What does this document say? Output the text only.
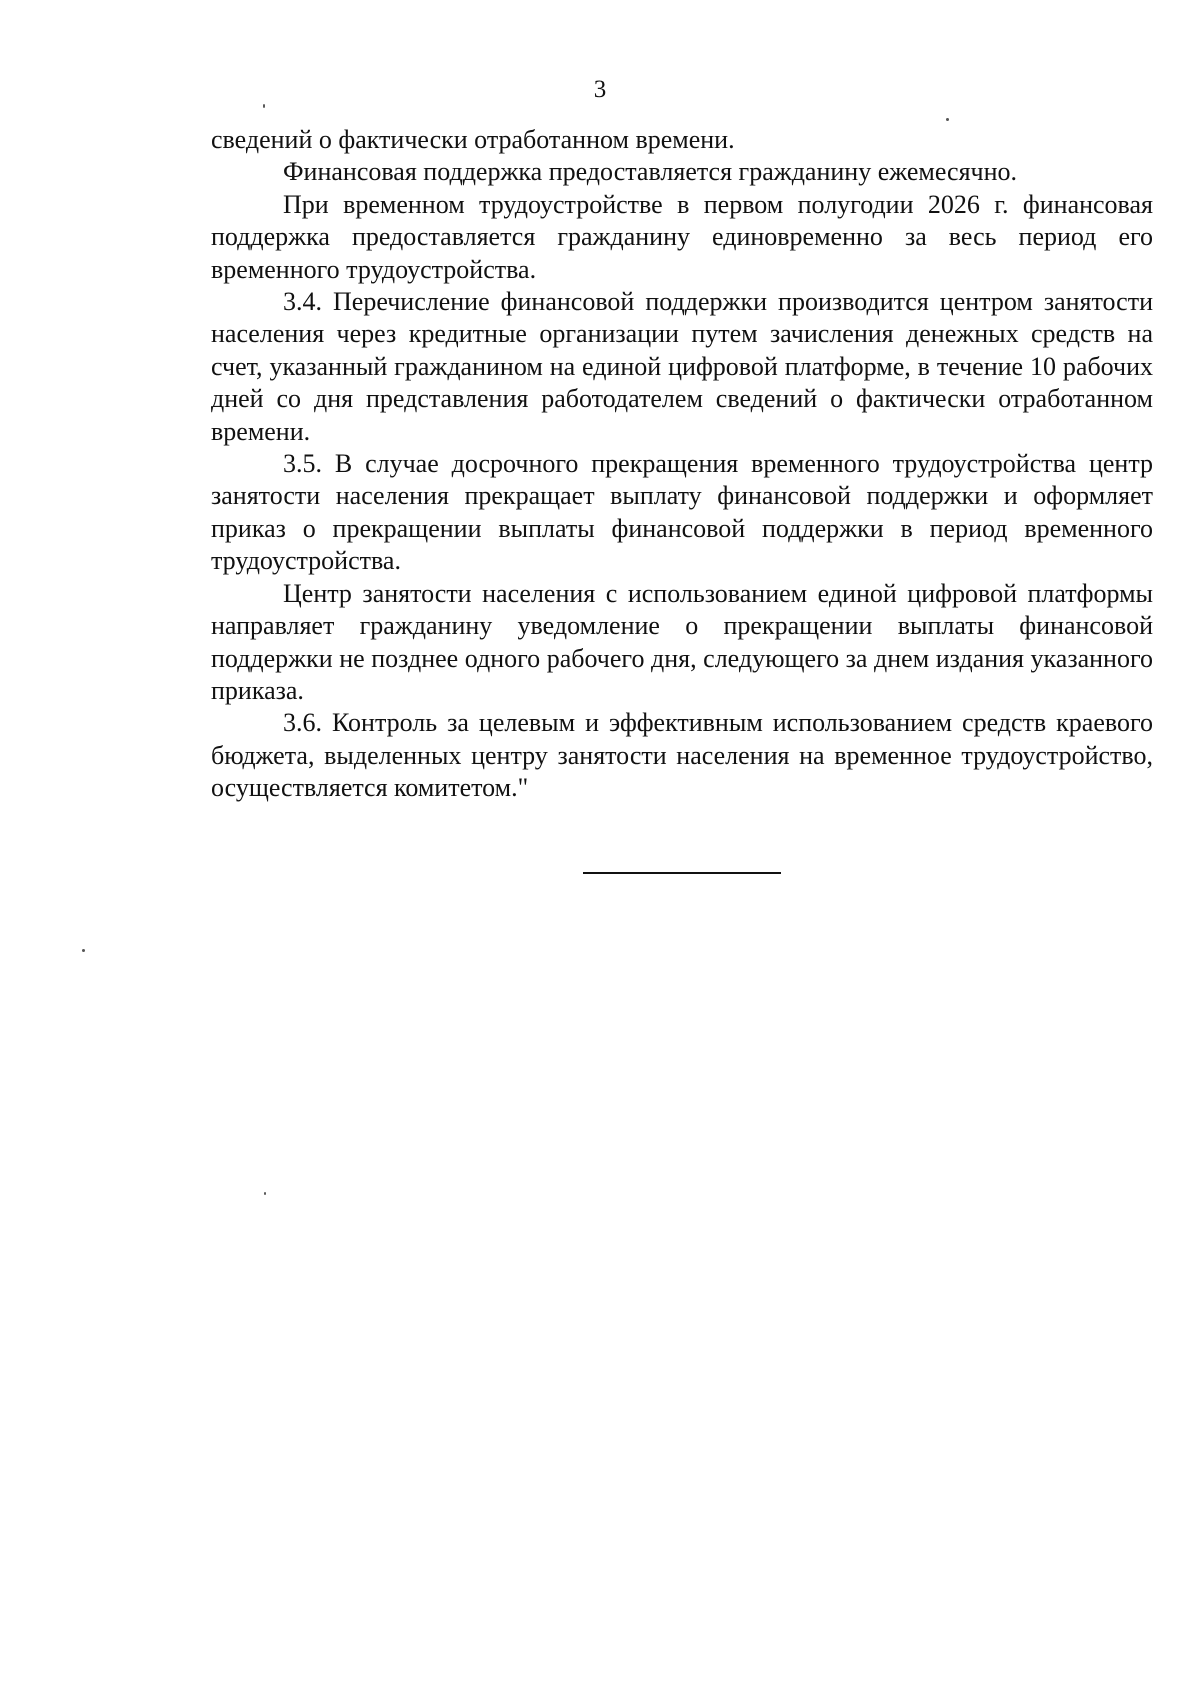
3

сведений о фактически отработанном времени.

Финансовая поддержка предоставляется гражданину ежемесячно.

При временном трудоустройстве в первом полугодии 2026 г. финансовая поддержка предоставляется гражданину единовременно за весь период его временного трудоустройства.

3.4. Перечисление финансовой поддержки производится центром занятости населения через кредитные организации путем зачисления денежных средств на счет, указанный гражданином на единой цифровой платформе, в течение 10 рабочих дней со дня представления работодателем сведений о фактически отработанном времени.

3.5. В случае досрочного прекращения временного трудоустройства центр занятости населения прекращает выплату финансовой поддержки и оформляет приказ о прекращении выплаты финансовой поддержки в период временного трудоустройства.

Центр занятости населения с использованием единой цифровой платформы направляет гражданину уведомление о прекращении выплаты финансовой поддержки не позднее одного рабочего дня, следующего за днем издания указанного приказа.

3.6. Контроль за целевым и эффективным использованием средств краевого бюджета, выделенных центру занятости населения на временное трудоустройство, осуществляется комитетом."
